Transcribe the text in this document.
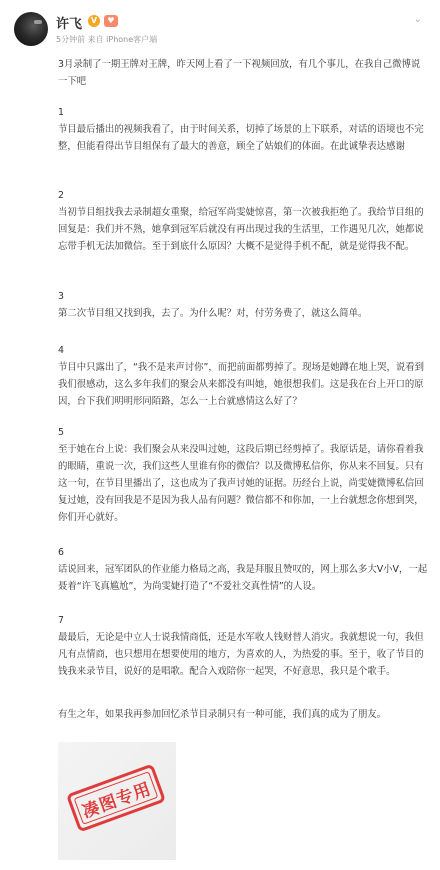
许飞	V	♥
5分钟前 来自 iPhone客户端
⌄

3月录制了一期王牌对王牌，昨天网上看了一下视频回放，有几个事儿，在我自己微博说一下吧

1

节目最后播出的视频我看了，由于时间关系，切掉了场景的上下联系，对话的语境也不完整，但能看得出节目组保有了最大的善意，顾全了姑娘们的体面。在此诚挚表达感谢

2

当初节目组找我去录制超女重聚，给冠军尚雯婕惊喜，第一次被我拒绝了。我给节目组的回复是：我们并不熟，她拿到冠军后就没有再出现过我的生活里，工作遇见几次，她都说忘带手机无法加微信。至于到底什么原因？大概不是觉得手机不配，就是觉得我不配。

3

第二次节目组又找到我，去了。为什么呢？对，付劳务费了，就这么简单。

4

节目中只露出了，“我不是来声讨你”，而把前面都剪掉了。现场是她蹲在地上哭，说看到我们很感动，这么多年我们的聚会从来都没有叫她，她很想我们。这是我在台上开口的原因，台下我们明明形同陌路，怎么一上台就感情这么好了？

5

至于她在台上说：我们聚会从来没叫过她，这段后期已经剪掉了。我原话是，请你看着我的眼睛，重说一次，我们这些人里谁有你的微信？以及微博私信你，你从来不回复。只有这一句，在节目里播出了，这也成为了我声讨她的证据。历经台上说，尚雯婕微博私信回复过她，没有回我是不是因为我人品有问题？微信都不和你加，一上台就想念你想到哭，你们开心就好。

6

话说回来，冠军团队的作业能力格局之高，我是拜服且赞叹的，网上那么多大V小V，一起聂着“许飞真尴尬”，为尚雯婕打造了“不爱社交真性情”的人设。

7

最最后，无论是中立人士说我情商低，还是水军收人钱财替人消灾。我就想说一句，我但凡有点情商，也只想用在想要使用的地方，为喜欢的人，为热爱的事。至于，收了节目的钱我来录节目，说好的是唱歌。配合入戏陪你一起哭，不好意思，我只是个歌手。

有生之年，如果我再参加回忆杀节目录制只有一种可能，我们真的成为了朋友。

凑图专用
